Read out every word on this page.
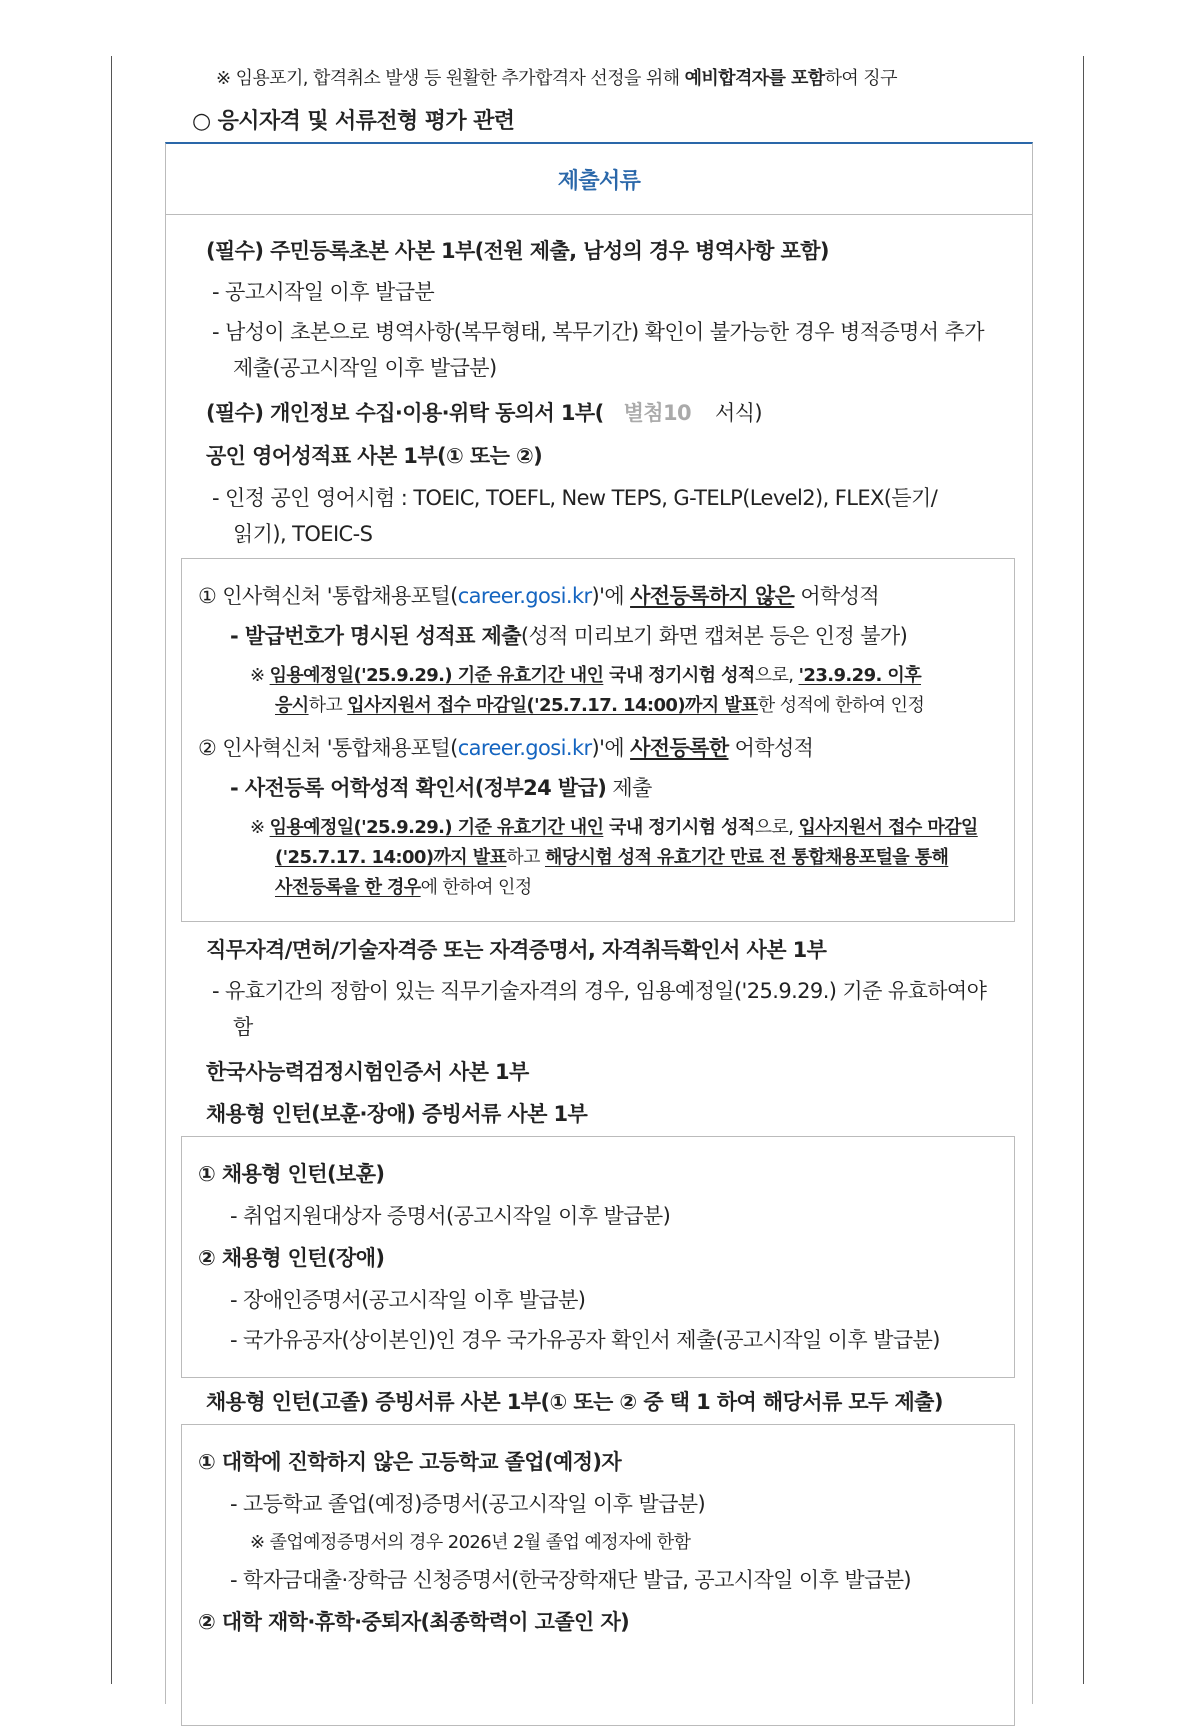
※ 임용포기, 합격취소 발생 등 원활한 추가합격자 선정을 위해 예비합격자를 포함하여 징구
○ 응시자격 및 서류전형 평가 관련
제출서류
(필수) 주민등록초본 사본 1부(전원 제출, 남성의 경우 병역사항 포함)
- 공고시작일 이후 발급분
- 남성이 초본으로 병역사항(복무형태, 복무기간) 확인이 불가능한 경우 병적증명서 추가
제출(공고시작일 이후 발급분)
(필수) 개인정보 수집·이용·위탁 동의서 1부( 별첨10 서식)
공인 영어성적표 사본 1부(① 또는 ②)
- 인정 공인 영어시험 : TOEIC, TOEFL, New TEPS, G-TELP(Level2), FLEX(듣기/
읽기), TOEIC-S
① 인사혁신처 '통합채용포털(career.gosi.kr)'에 사전등록하지 않은 어학성적
- 발급번호가 명시된 성적표 제출(성적 미리보기 화면 캡쳐본 등은 인정 불가)
※ 임용예정일('25.9.29.) 기준 유효기간 내인 국내 정기시험 성적으로, '23.9.29. 이후
응시하고 입사지원서 접수 마감일('25.7.17. 14:00)까지 발표한 성적에 한하여 인정
② 인사혁신처 '통합채용포털(career.gosi.kr)'에 사전등록한 어학성적
- 사전등록 어학성적 확인서(정부24 발급) 제출
※ 임용예정일('25.9.29.) 기준 유효기간 내인 국내 정기시험 성적으로, 입사지원서 접수 마감일
('25.7.17. 14:00)까지 발표하고 해당시험 성적 유효기간 만료 전 통합채용포털을 통해
사전등록을 한 경우에 한하여 인정
직무자격/면허/기술자격증 또는 자격증명서, 자격취득확인서 사본 1부
- 유효기간의 정함이 있는 직무기술자격의 경우, 임용예정일('25.9.29.) 기준 유효하여야
함
한국사능력검정시험인증서 사본 1부
채용형 인턴(보훈·장애) 증빙서류 사본 1부
① 채용형 인턴(보훈)
- 취업지원대상자 증명서(공고시작일 이후 발급분)
② 채용형 인턴(장애)
- 장애인증명서(공고시작일 이후 발급분)
- 국가유공자(상이본인)인 경우 국가유공자 확인서 제출(공고시작일 이후 발급분)
채용형 인턴(고졸) 증빙서류 사본 1부(① 또는 ② 중 택 1 하여 해당서류 모두 제출)
① 대학에 진학하지 않은 고등학교 졸업(예정)자
- 고등학교 졸업(예정)증명서(공고시작일 이후 발급분)
※ 졸업예정증명서의 경우 2026년 2월 졸업 예정자에 한함
- 학자금대출·장학금 신청증명서(한국장학재단 발급, 공고시작일 이후 발급분)
② 대학 재학·휴학·중퇴자(최종학력이 고졸인 자)
